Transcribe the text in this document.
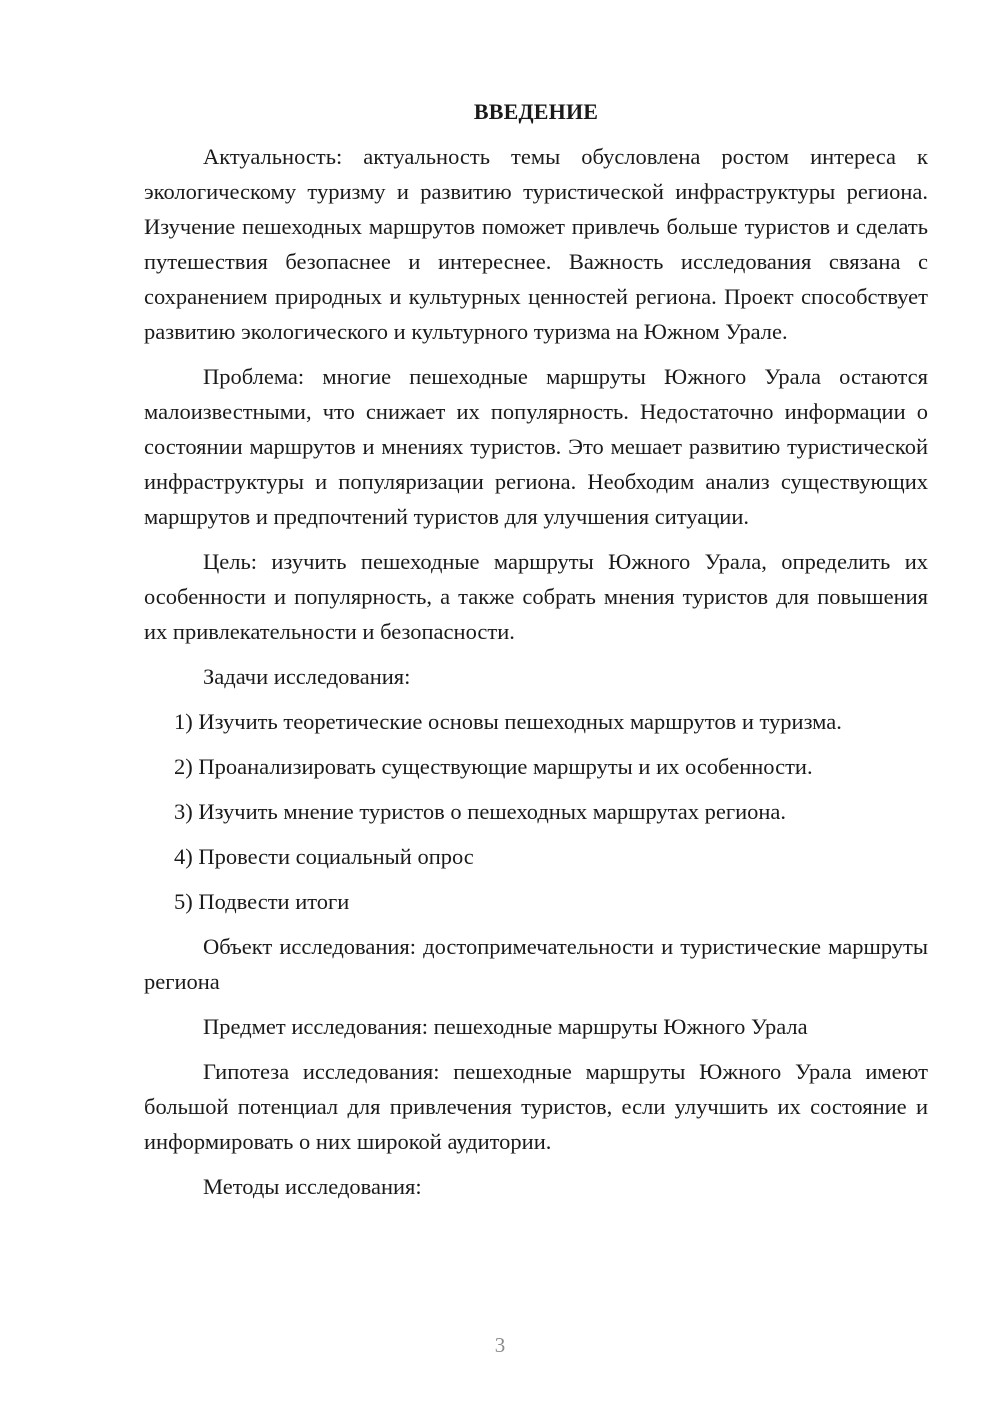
ВВЕДЕНИЕ

Актуальность: актуальность темы обусловлена ростом интереса к экологическому туризму и развитию туристической инфраструктуры региона. Изучение пешеходных маршрутов поможет привлечь больше туристов и сделать путешествия безопаснее и интереснее. Важность исследования связана с сохранением природных и культурных ценностей региона. Проект способствует развитию экологического и культурного туризма на Южном Урале.

Проблема: многие пешеходные маршруты Южного Урала остаются малоизвестными, что снижает их популярность. Недостаточно информации о состоянии маршрутов и мнениях туристов. Это мешает развитию туристической инфраструктуры и популяризации региона. Необходим анализ существующих маршрутов и предпочтений туристов для улучшения ситуации.

Цель: изучить пешеходные маршруты Южного Урала, определить их особенности и популярность, а также собрать мнения туристов для повышения их привлекательности и безопасности.

Задачи исследования:

1) Изучить теоретические основы пешеходных маршрутов и туризма.
2) Проанализировать существующие маршруты и их особенности.
3) Изучить мнение туристов о пешеходных маршрутах региона.
4) Провести социальный опрос
5) Подвести итоги

Объект исследования: достопримечательности и туристические маршруты региона

Предмет исследования: пешеходные маршруты Южного Урала

Гипотеза исследования: пешеходные маршруты Южного Урала имеют большой потенциал для привлечения туристов, если улучшить их состояние и информировать о них широкой аудитории.

Методы исследования:

3
